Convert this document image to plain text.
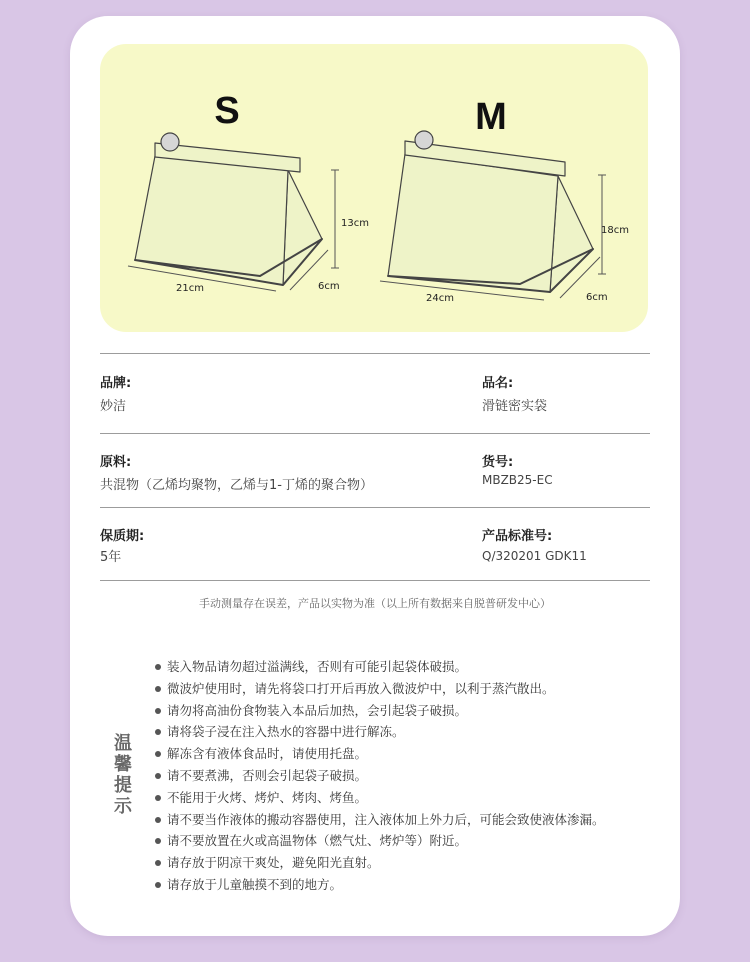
S
13cm
21cm	6cm
M
18cm
24cm	6cm
品牌:
妙洁
品名:
滑链密实袋
原料:
共混物（乙烯均聚物，乙烯与1-丁烯的聚合物）
货号:
MBZB25-EC
保质期:
5年
产品标准号:
Q/320201 GDK11
手动测量存在误差，产品以实物为准（以上所有数据来自脱普研发中心）
温
馨
提
示
装入物品请勿超过溢满线，否则有可能引起袋体破损。
微波炉使用时，请先将袋口打开后再放入微波炉中，以利于蒸汽散出。
请勿将高油份食物装入本品后加热，会引起袋子破损。
请将袋子浸在注入热水的容器中进行解冻。
解冻含有液体食品时，请使用托盘。
请不要煮沸，否则会引起袋子破损。
不能用于火烤、烤炉、烤肉、烤鱼。
请不要当作液体的搬动容器使用，注入液体加上外力后，可能会致使液体渗漏。
请不要放置在火或高温物体（燃气灶、烤炉等）附近。
请存放于阴凉干爽处，避免阳光直射。
请存放于儿童触摸不到的地方。
